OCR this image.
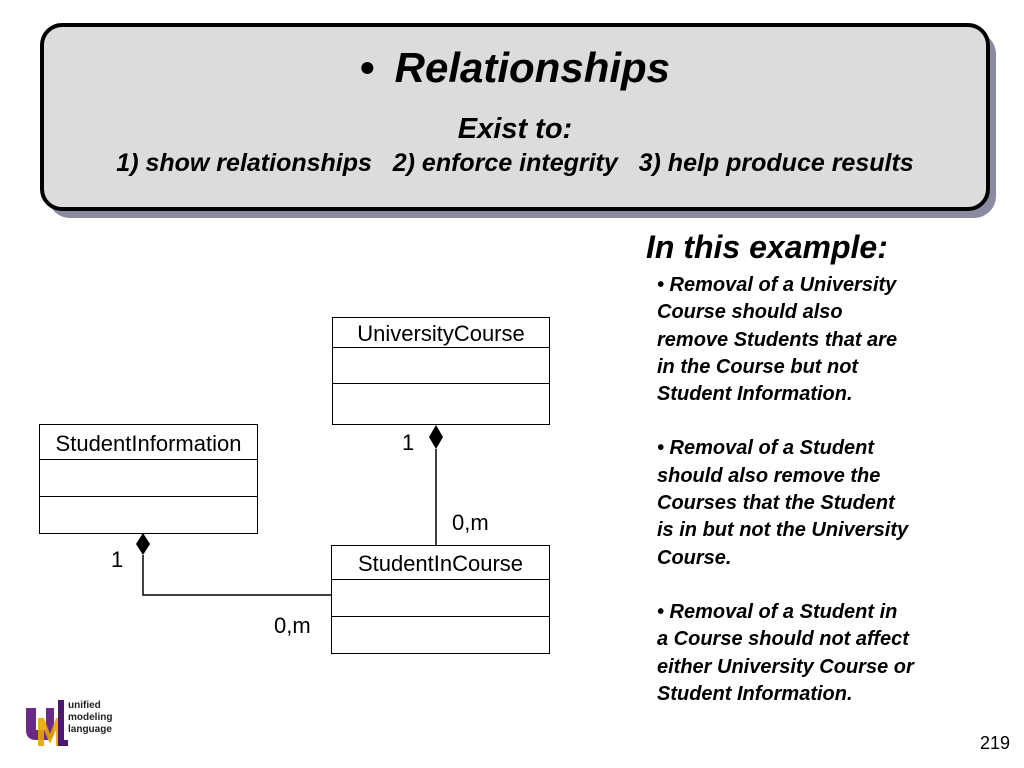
• Relationships
Exist to:
1) show relationships   2) enforce integrity   3) help produce results
In this example:

• Removal of a University
Course should also
remove Students that are
in the Course but not
Student Information.

• Removal of a Student
should also remove the
Courses that the Student
is in but not the University
Course.

• Removal of a Student in
a Course should not affect
either University Course or
Student Information.

UniversityCourse
StudentInformation
StudentInCourse
1
0,m
1
0,m
unified
modeling
language
219
